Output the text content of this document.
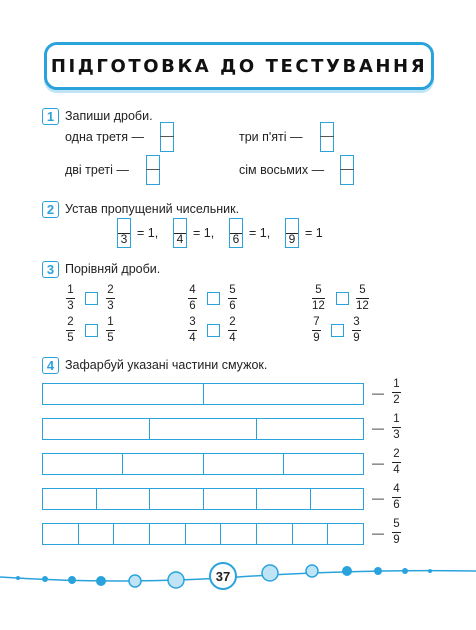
ПІДГОТОВКА ДО ТЕСТУВАННЯ
1 Запиши дроби.
одна третя —	три п'яті —
дві треті —	сім восьмих —
2 Устав пропущений чисельник.
3 = 1, 4 = 1, 6 = 1, 9 = 1
3 Порівняй дроби.
1
3
2
3
4
6
5
6
5
12
5
12
2
5
1
5
3
4
2
4
7
9
3
9
4 Зафарбуй указані частини смужок.
—
1
2
—
1
3
—
2
4
—
4
6
—
5
9
37
